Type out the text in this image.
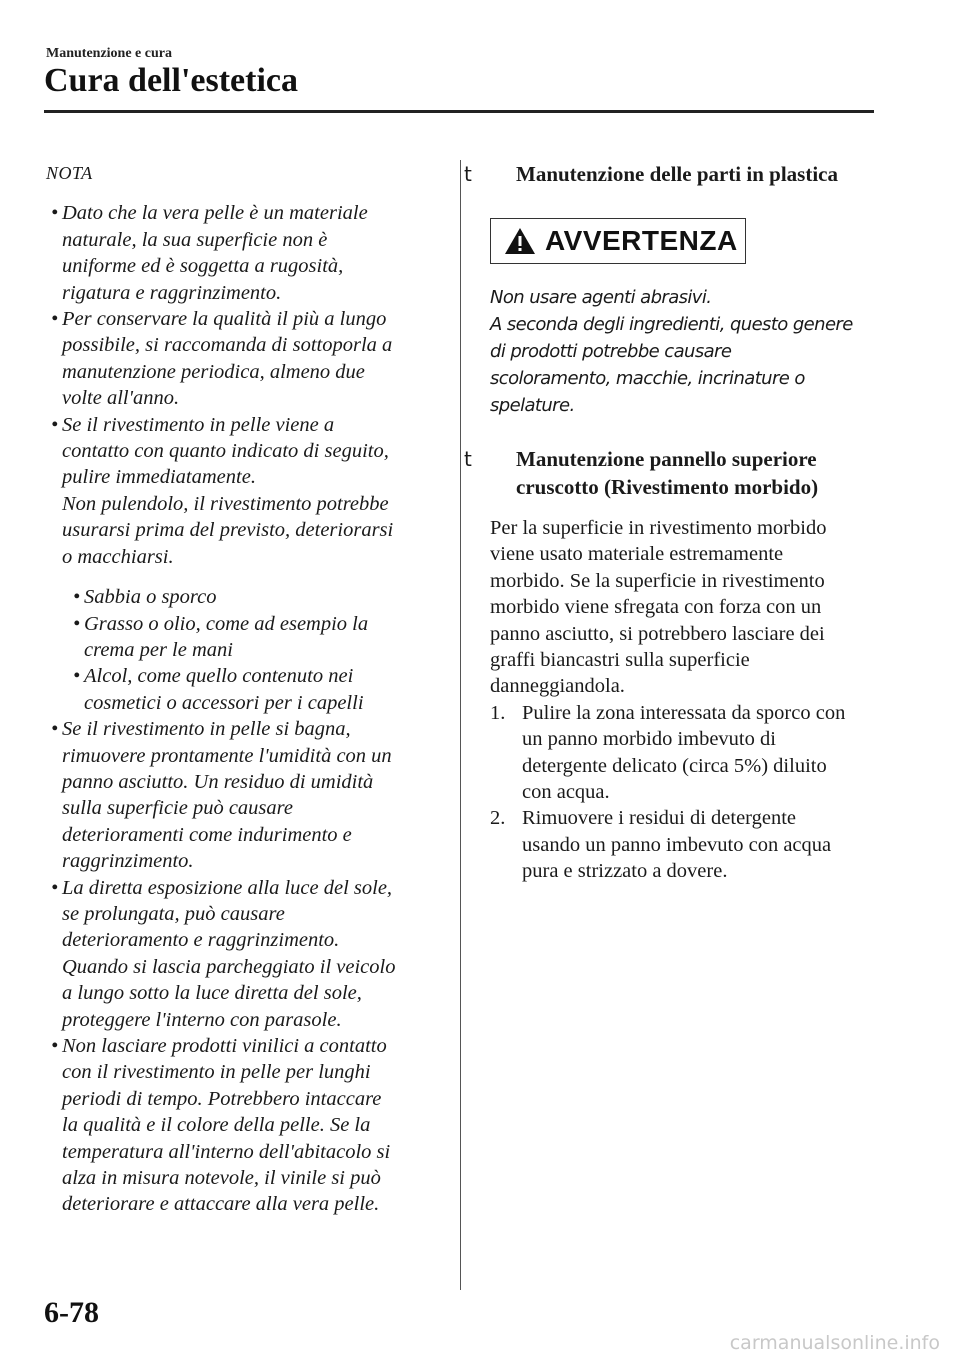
Manutenzione e cura
Cura dell'estetica
NOTA
• Dato che la vera pelle è un materiale
naturale, la sua superficie non è
uniforme ed è soggetta a rugosità,
rigatura e raggrinzimento.
• Per conservare la qualità il più a lungo
possibile, si raccomanda di sottoporla a
manutenzione periodica, almeno due
volte all'anno.
• Se il rivestimento in pelle viene a
contatto con quanto indicato di seguito,
pulire immediatamente.
Non pulendolo, il rivestimento potrebbe
usurarsi prima del previsto, deteriorarsi
o macchiarsi.
• Sabbia o sporco
• Grasso o olio, come ad esempio la
crema per le mani
• Alcol, come quello contenuto nei
cosmetici o accessori per i capelli
• Se il rivestimento in pelle si bagna,
rimuovere prontamente l'umidità con un
panno asciutto. Un residuo di umidità
sulla superficie può causare
deterioramenti come indurimento e
raggrinzimento.
• La diretta esposizione alla luce del sole,
se prolungata, può causare
deterioramento e raggrinzimento.
Quando si lascia parcheggiato il veicolo
a lungo sotto la luce diretta del sole,
proteggere l'interno con parasole.
• Non lasciare prodotti vinilici a contatto
con il rivestimento in pelle per lunghi
periodi di tempo. Potrebbero intaccare
la qualità e il colore della pelle. Se la
temperatura all'interno dell'abitacolo si
alza in misura notevole, il vinile si può
deteriorare e attaccare alla vera pelle.
t Manutenzione delle parti in plastica
AVVERTENZA
Non usare agenti abrasivi.
A seconda degli ingredienti, questo genere
di prodotti potrebbe causare
scoloramento, macchie, incrinature o
spelature.
t Manutenzione pannello superiore
cruscotto (Rivestimento morbido)
Per la superficie in rivestimento morbido
viene usato materiale estremamente
morbido. Se la superficie in rivestimento
morbido viene sfregata con forza con un
panno asciutto, si potrebbero lasciare dei
graffi biancastri sulla superficie
danneggiandola.
1. Pulire la zona interessata da sporco con
un panno morbido imbevuto di
detergente delicato (circa 5%) diluito
con acqua.
2. Rimuovere i residui di detergente
usando un panno imbevuto con acqua
pura e strizzato a dovere.
6-78
carmanualsonline.info
